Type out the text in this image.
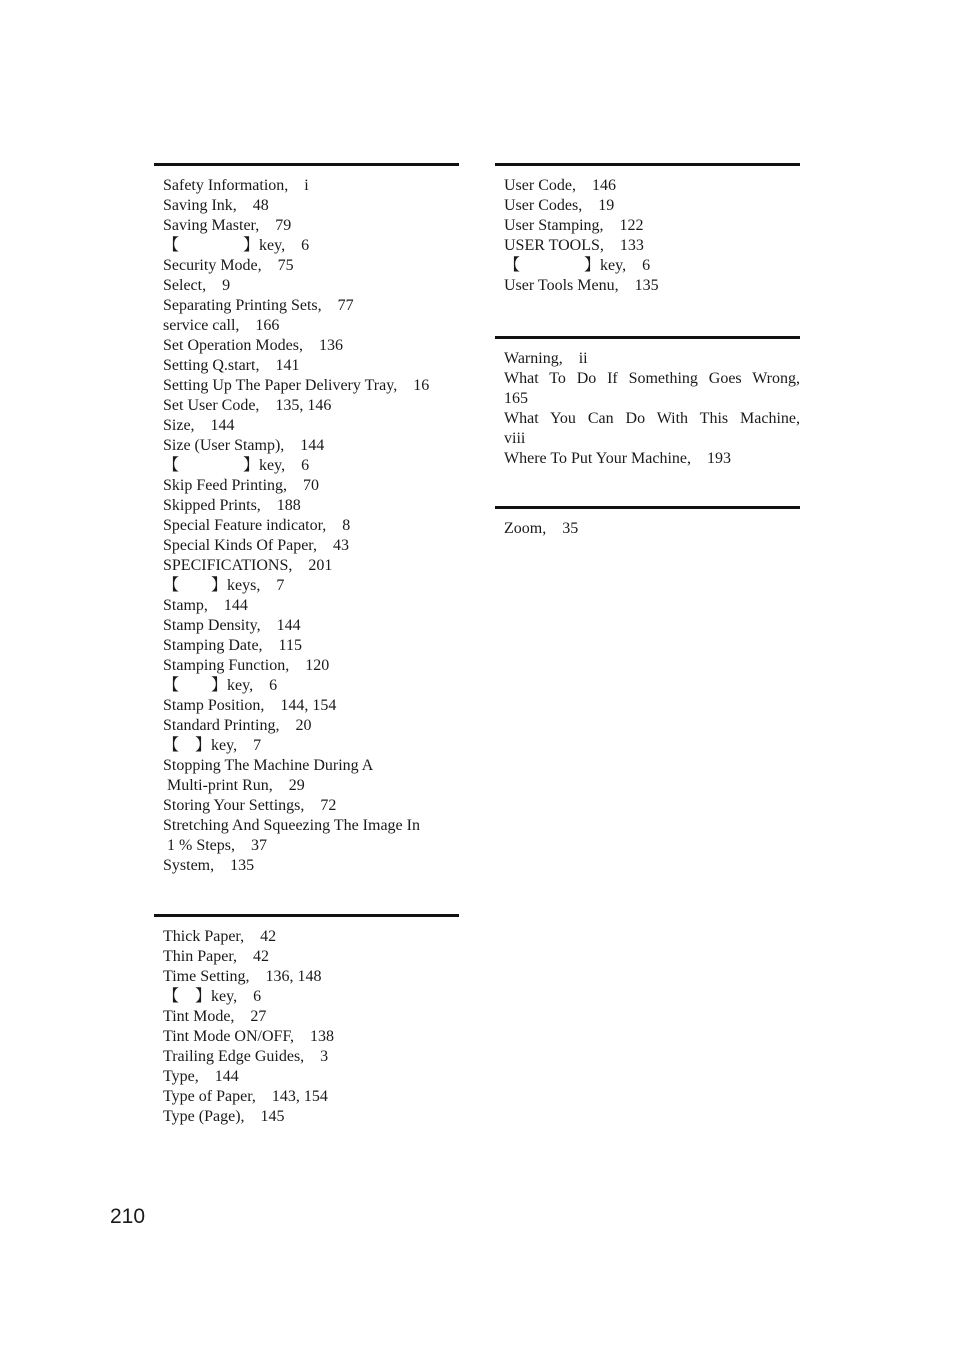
Safety Information,　i

Saving Ink,　48

Saving Master,　79

【　　　　】key,　6

Security Mode,　75

Select,　9

Separating Printing Sets,　77

service call,　166

Set Operation Modes,　136

Setting Q.start,　141

Setting Up The Paper Delivery Tray,　16

Set User Code,　135, 146

Size,　144

Size (User Stamp),　144

【　　　　】key,　6

Skip Feed Printing,　70

Skipped Prints,　188

Special Feature indicator,　8

Special Kinds Of Paper,　43

SPECIFICATIONS,　201

【　　】keys,　7

Stamp,　144

Stamp Density,　144

Stamping Date,　115

Stamping Function,　120

【　　】key,　6

Stamp Position,　144, 154

Standard Printing,　20

【　】key,　7

Stopping The Machine During A
Multi-print Run,　29

Storing Your Settings,　72

Stretching And Squeezing The Image In
1 % Steps,　37

System,　135

Thick Paper,　42

Thin Paper,　42

Time Setting,　136, 148

【　】key,　6

Tint Mode,　27

Tint Mode ON/OFF,　138

Trailing Edge Guides,　3

Type,　144

Type of Paper,　143, 154

Type (Page),　145

User Code,　146

User Codes,　19

User Stamping,　122

USER TOOLS,　133

【　　　　】key,　6

User Tools Menu,　135

Warning,　ii

What To Do If Something Goes Wrong,
165

What You Can Do With This Machine,
viii

Where To Put Your Machine,　193

Zoom,　35

210
